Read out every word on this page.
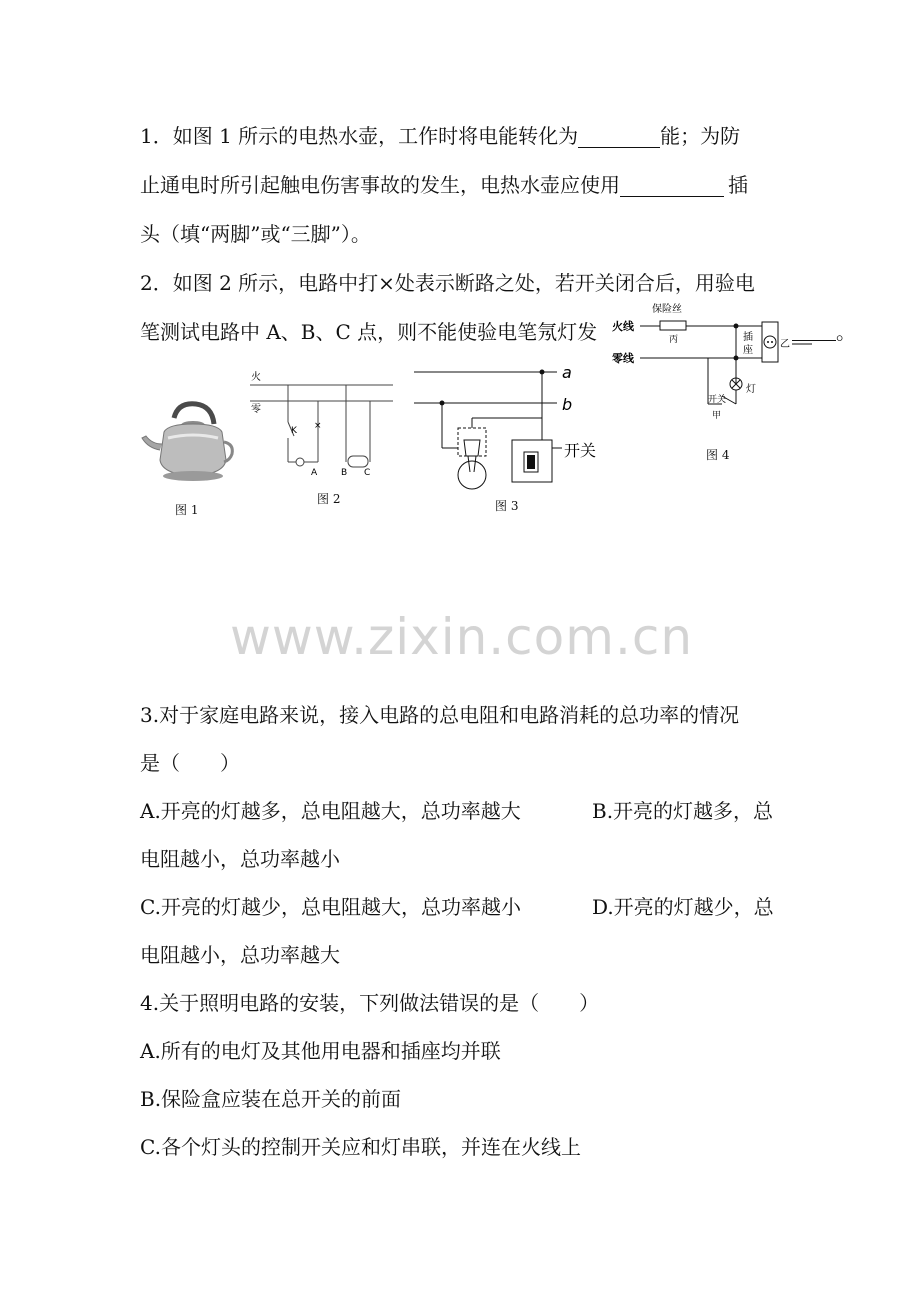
1．如图 1 所示的电热水壶，工作时将电能转化为	能；为防
止通电时所引起触电伤害事故的发生，电热水壶应使用	插
头（填“两脚”或“三脚”）。
2．如图 2 所示，电路中打×处表示断路之处，若开关闭合后，用验电
笔测试电路中 A、B、C 点，则不能使验电笔氖灯发
图 1
火
零
K ×
A	B C
图 2
a
b
开关
图 3
保险丝
火线
零线
丙
灯
开关
甲
插
座
乙
。
图 4
www.zixin.com.cn
3.对于家庭电路来说，接入电路的总电阻和电路消耗的总功率的情况
是（　　）
A.开亮的灯越多，总电阻越大，总功率越大	B.开亮的灯越多，总
电阻越小，总功率越小
C.开亮的灯越少，总电阻越大，总功率越小	D.开亮的灯越少，总
电阻越小，总功率越大
4.关于照明电路的安装，下列做法错误的是（　　）
A.所有的电灯及其他用电器和插座均并联
B.保险盒应装在总开关的前面
C.各个灯头的控制开关应和灯串联，并连在火线上
